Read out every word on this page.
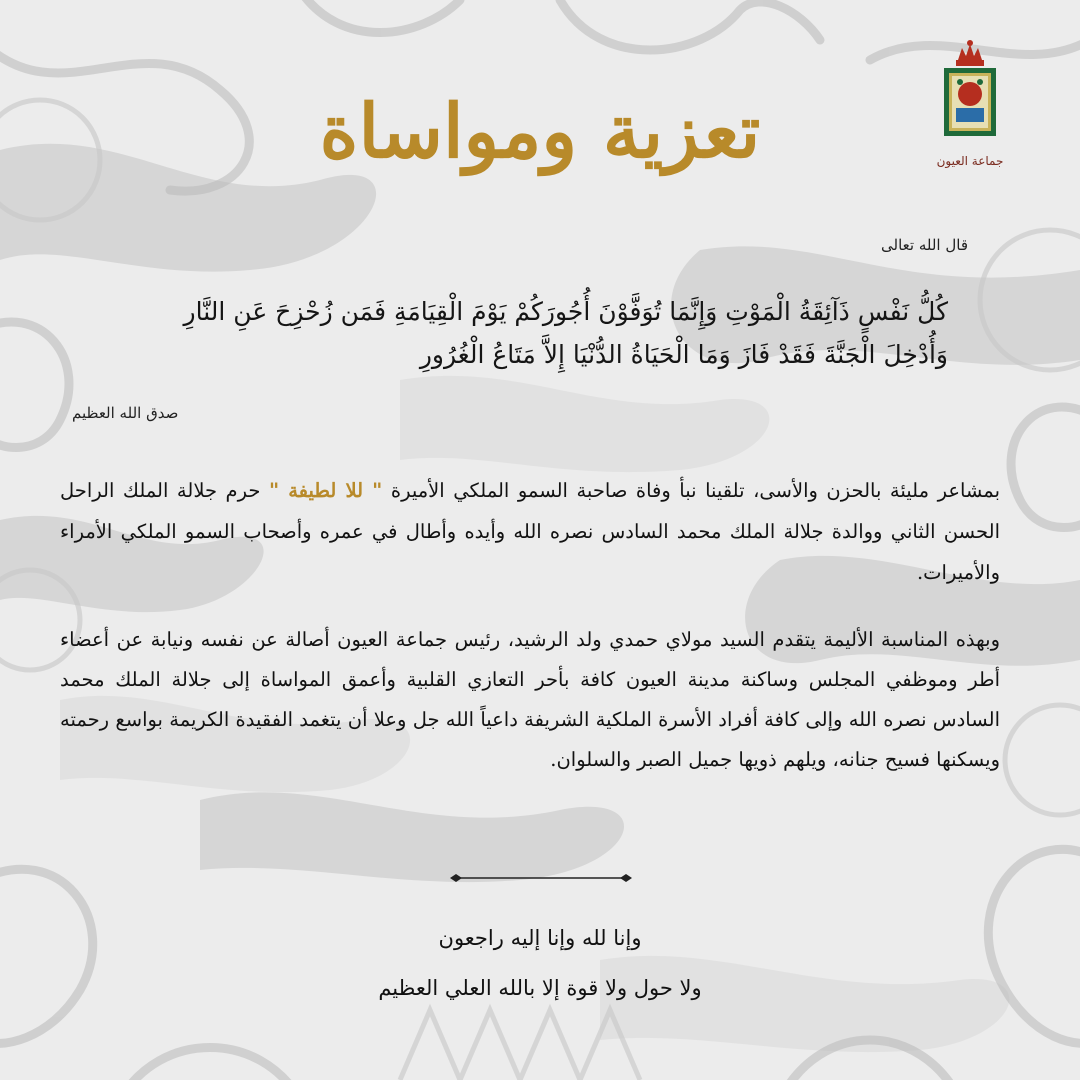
جماعة العيون
تعزية ومواساة
قال الله تعالى
كُلُّ نَفْسٍ ذَآئِقَةُ الْمَوْتِ وَإِنَّمَا تُوَفَّوْنَ أُجُورَكُمْ يَوْمَ الْقِيَامَةِ فَمَن زُحْزِحَ عَنِ النَّارِ وَأُدْخِلَ الْجَنَّةَ فَقَدْ فَازَ وَمَا الْحَيَاةُ الدُّنْيَا إِلاَّ مَتَاعُ الْغُرُورِ
صدق الله العظيم
بمشاعر مليئة بالحزن والأسى، تلقينا نبأ وفاة صاحبة السمو الملكي الأميرة " للا لطيفة " حرم جلالة الملك الراحل الحسن الثاني ووالدة جلالة الملك محمد السادس نصره الله وأيده وأطال في عمره وأصحاب السمو الملكي الأمراء والأميرات.
وبهذه المناسبة الأليمة يتقدم السيد مولاي حمدي ولد الرشيد، رئيس جماعة العيون أصالة عن نفسه ونيابة عن أعضاء أطر وموظفي المجلس وساكنة مدينة العيون كافة بأحر التعازي القلبية وأعمق المواساة إلى جلالة الملك محمد السادس نصره الله وإلى كافة أفراد الأسرة الملكية الشريفة داعياً الله جل وعلا أن يتغمد الفقيدة الكريمة بواسع رحمته ويسكنها فسيح جنانه، ويلهم ذويها جميل الصبر والسلوان.
وإنا لله وإنا إليه راجعون
ولا حول ولا قوة إلا بالله العلي العظيم
